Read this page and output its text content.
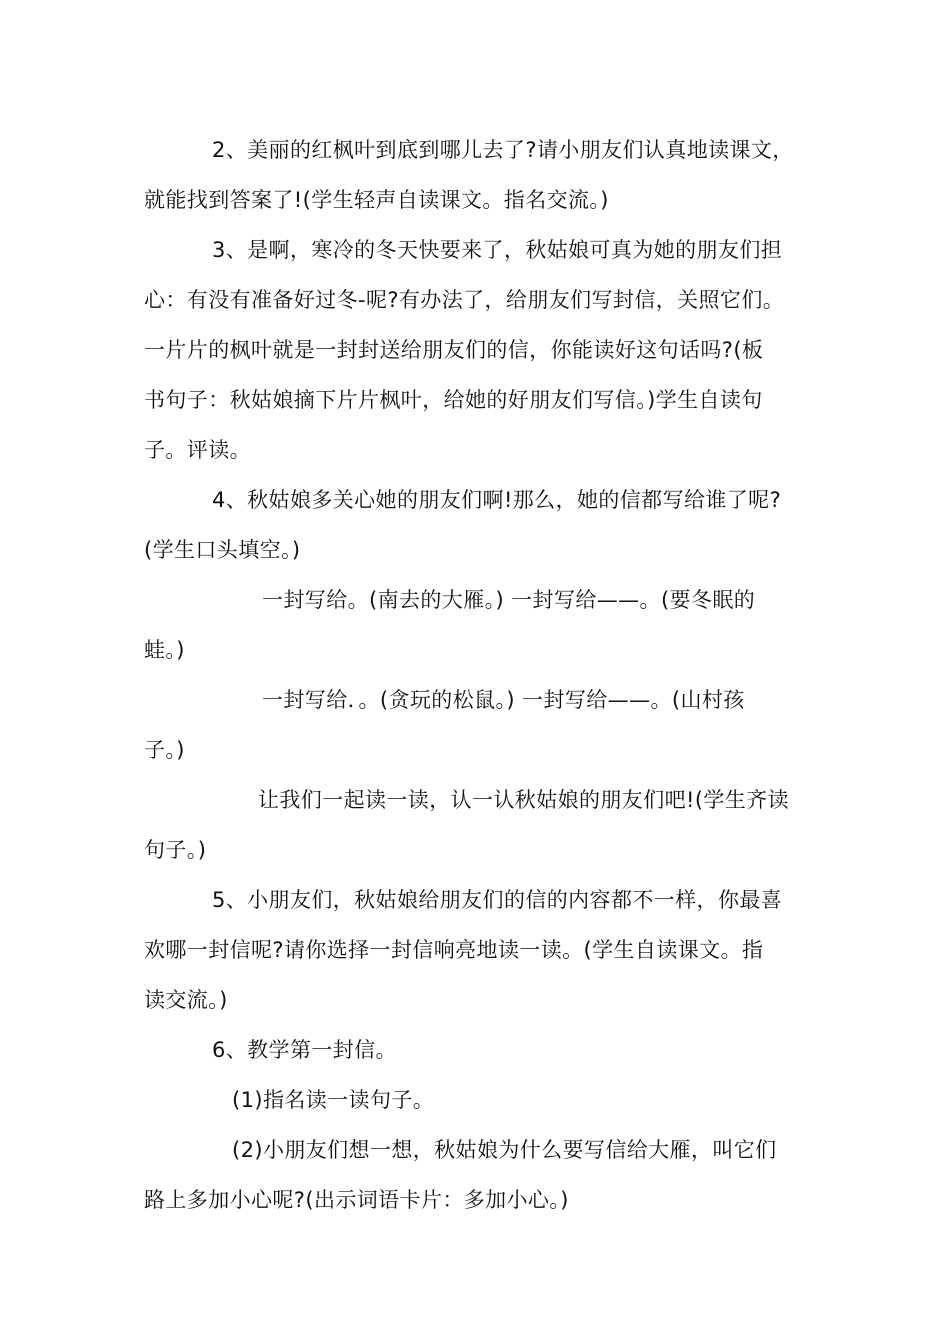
2、美丽的红枫叶到底到哪儿去了?请小朋友们认真地读课文，
就能找到答案了!(学生轻声自读课文。指名交流。)
3、是啊，寒冷的冬天快要来了，秋姑娘可真为她的朋友们担
心：有没有准备好过冬-呢?有办法了，给朋友们写封信，关照它们。
一片片的枫叶就是一封封送给朋友们的信，你能读好这句话吗?(板
书句子：秋姑娘摘下片片枫叶，给她的好朋友们写信。)学生自读句
子。评读。
4、秋姑娘多关心她的朋友们啊!那么，她的信都写给谁了呢?
(学生口头填空。)
一封写给。(南去的大雁。) 一封写给——。(要冬眠的
蛙。)
一封写给．。(贪玩的松鼠。) 一封写给——。(山村孩
子。)
让我们一起读一读，认一认秋姑娘的朋友们吧!(学生齐读
句子。)
5、小朋友们，秋姑娘给朋友们的信的内容都不一样，你最喜
欢哪一封信呢?请你选择一封信响亮地读一读。(学生自读课文。指
读交流。)
6、教学第一封信。
(1)指名读一读句子。
(2)小朋友们想一想，秋姑娘为什么要写信给大雁，叫它们
路上多加小心呢?(出示词语卡片：多加小心。)
